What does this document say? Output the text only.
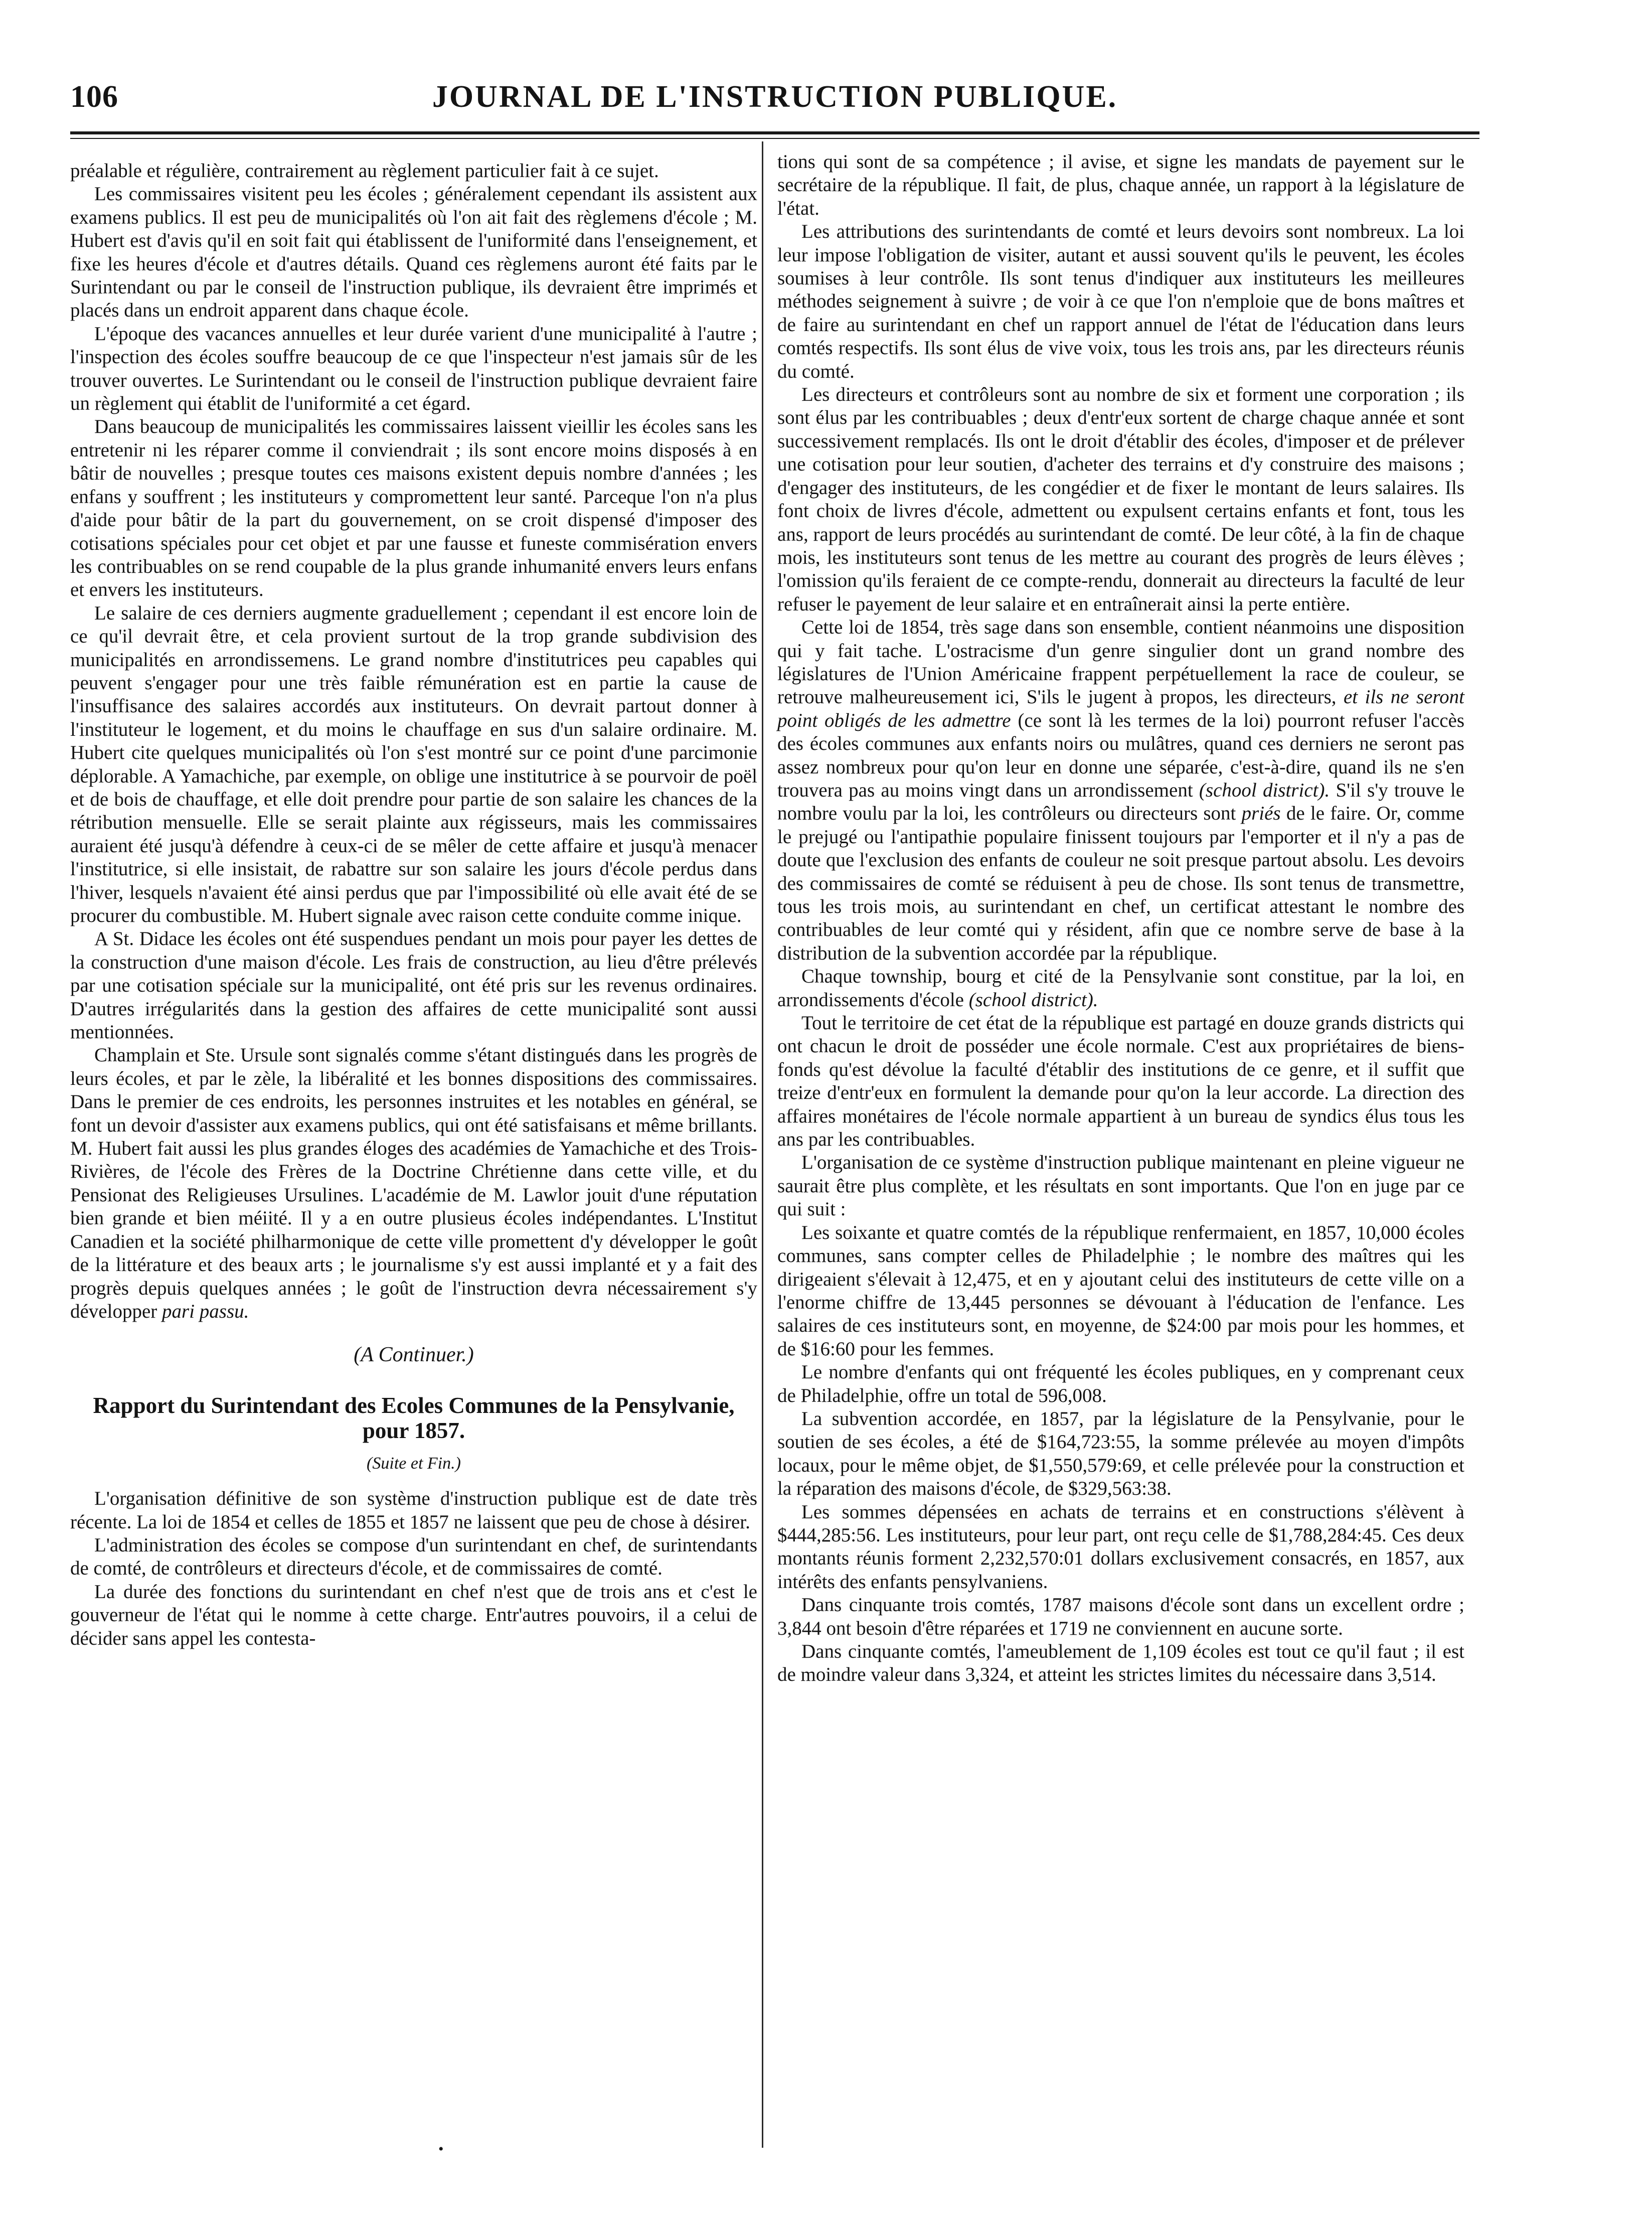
106	JOURNAL DE L'INSTRUCTION PUBLIQUE.

préalable et régulière, contrairement au règlement particulier fait à ce sujet.

Les commissaires visitent peu les écoles ; généralement cependant ils assistent aux examens publics. Il est peu de municipalités où l'on ait fait des règlemens d'école ; M. Hubert est d'avis qu'il en soit fait qui établissent de l'uniformité dans l'enseignement, et fixe les heures d'école et d'autres détails. Quand ces règlemens auront été faits par le Surintendant ou par le conseil de l'instruction publique, ils devraient être imprimés et placés dans un endroit apparent dans chaque école.

L'époque des vacances annuelles et leur durée varient d'une municipalité à l'autre ; l'inspection des écoles souffre beaucoup de ce que l'inspecteur n'est jamais sûr de les trouver ouvertes. Le Surintendant ou le conseil de l'instruction publique devraient faire un règlement qui établit de l'uniformité a cet égard.

Dans beaucoup de municipalités les commissaires laissent vieillir les écoles sans les entretenir ni les réparer comme il conviendrait ; ils sont encore moins disposés à en bâtir de nouvelles ; presque toutes ces maisons existent depuis nombre d'années ; les enfans y souffrent ; les instituteurs y compromettent leur santé. Parceque l'on n'a plus d'aide pour bâtir de la part du gouvernement, on se croit dispensé d'imposer des cotisations spéciales pour cet objet et par une fausse et funeste commisération envers les contribuables on se rend coupable de la plus grande inhumanité envers leurs enfans et envers les instituteurs.

Le salaire de ces derniers augmente graduellement ; cependant il est encore loin de ce qu'il devrait être, et cela provient surtout de la trop grande subdivision des municipalités en arrondissemens. Le grand nombre d'institutrices peu capables qui peuvent s'engager pour une très faible rémunération est en partie la cause de l'insuffisance des salaires accordés aux instituteurs. On devrait partout donner à l'instituteur le logement, et du moins le chauffage en sus d'un salaire ordinaire. M. Hubert cite quelques municipalités où l'on s'est montré sur ce point d'une parcimonie déplorable. A Yamachiche, par exemple, on oblige une institutrice à se pourvoir de poël et de bois de chauffage, et elle doit prendre pour partie de son salaire les chances de la rétribution mensuelle. Elle se serait plainte aux régisseurs, mais les commissaires auraient été jusqu'à défendre à ceux-ci de se mêler de cette affaire et jusqu'à menacer l'institutrice, si elle insistait, de rabattre sur son salaire les jours d'école perdus dans l'hiver, lesquels n'avaient été ainsi perdus que par l'impossibilité où elle avait été de se procurer du combustible. M. Hubert signale avec raison cette conduite comme inique.

A St. Didace les écoles ont été suspendues pendant un mois pour payer les dettes de la construction d'une maison d'école. Les frais de construction, au lieu d'être prélevés par une cotisation spéciale sur la municipalité, ont été pris sur les revenus ordinaires. D'autres irrégularités dans la gestion des affaires de cette municipalité sont aussi mentionnées.

Champlain et Ste. Ursule sont signalés comme s'étant distingués dans les progrès de leurs écoles, et par le zèle, la libéralité et les bonnes dispositions des commissaires. Dans le premier de ces endroits, les personnes instruites et les notables en général, se font un devoir d'assister aux examens publics, qui ont été satisfaisans et même brillants. M. Hubert fait aussi les plus grandes éloges des académies de Yamachiche et des Trois-Rivières, de l'école des Frères de la Doctrine Chrétienne dans cette ville, et du Pensionat des Religieuses Ursulines. L'académie de M. Lawlor jouit d'une réputation bien grande et bien méiité. Il y a en outre plusieus écoles indépendantes. L'Institut Canadien et la société philharmonique de cette ville promettent d'y développer le goût de la littérature et des beaux arts ; le journalisme s'y est aussi implanté et y a fait des progrès depuis quelques années ; le goût de l'instruction devra nécessairement s'y développer pari passu.

(A Continuer.)
Rapport du Surintendant des Ecoles Communes de la Pensylvanie, pour 1857.
(Suite et Fin.)

L'organisation définitive de son système d'instruction publique est de date très récente. La loi de 1854 et celles de 1855 et 1857 ne laissent que peu de chose à désirer.

L'administration des écoles se compose d'un surintendant en chef, de surintendants de comté, de contrôleurs et directeurs d'école, et de commissaires de comté.

La durée des fonctions du surintendant en chef n'est que de trois ans et c'est le gouverneur de l'état qui le nomme à cette charge. Entr'autres pouvoirs, il a celui de décider sans appel les contesta-

tions qui sont de sa compétence ; il avise, et signe les mandats de payement sur le secrétaire de la république. Il fait, de plus, chaque année, un rapport à la législature de l'état.

Les attributions des surintendants de comté et leurs devoirs sont nombreux. La loi leur impose l'obligation de visiter, autant et aussi souvent qu'ils le peuvent, les écoles soumises à leur contrôle. Ils sont tenus d'indiquer aux instituteurs les meilleures méthodes seignement à suivre ; de voir à ce que l'on n'emploie que de bons maîtres et de faire au surintendant en chef un rapport annuel de l'état de l'éducation dans leurs comtés respectifs. Ils sont élus de vive voix, tous les trois ans, par les directeurs réunis du comté.

Les directeurs et contrôleurs sont au nombre de six et forment une corporation ; ils sont élus par les contribuables ; deux d'entr'eux sortent de charge chaque année et sont successivement remplacés. Ils ont le droit d'établir des écoles, d'imposer et de prélever une cotisation pour leur soutien, d'acheter des terrains et d'y construire des maisons ; d'engager des instituteurs, de les congédier et de fixer le montant de leurs salaires. Ils font choix de livres d'école, admettent ou expulsent certains enfants et font, tous les ans, rapport de leurs procédés au surintendant de comté. De leur côté, à la fin de chaque mois, les instituteurs sont tenus de les mettre au courant des progrès de leurs élèves ; l'omission qu'ils feraient de ce compte-rendu, donnerait au directeurs la faculté de leur refuser le payement de leur salaire et en entraînerait ainsi la perte entière.

Cette loi de 1854, très sage dans son ensemble, contient néanmoins une disposition qui y fait tache. L'ostracisme d'un genre singulier dont un grand nombre des législatures de l'Union Américaine frappent perpétuellement la race de couleur, se retrouve malheureusement ici, S'ils le jugent à propos, les directeurs, et ils ne seront point obligés de les admettre (ce sont là les termes de la loi) pourront refuser l'accès des écoles communes aux enfants noirs ou mulâtres, quand ces derniers ne seront pas assez nombreux pour qu'on leur en donne une séparée, c'est-à-dire, quand ils ne s'en trouvera pas au moins vingt dans un arrondissement (school district). S'il s'y trouve le nombre voulu par la loi, les contrôleurs ou directeurs sont priés de le faire. Or, comme le prejugé ou l'antipathie populaire finissent toujours par l'emporter et il n'y a pas de doute que l'exclusion des enfants de couleur ne soit presque partout absolu. Les devoirs des commissaires de comté se réduisent à peu de chose. Ils sont tenus de transmettre, tous les trois mois, au surintendant en chef, un certificat attestant le nombre des contribuables de leur comté qui y résident, afin que ce nombre serve de base à la distribution de la subvention accordée par la république.

Chaque township, bourg et cité de la Pensylvanie sont constitue, par la loi, en arrondissements d'école (school district).

Tout le territoire de cet état de la république est partagé en douze grands districts qui ont chacun le droit de posséder une école normale. C'est aux propriétaires de biens-fonds qu'est dévolue la faculté d'établir des institutions de ce genre, et il suffit que treize d'entr'eux en formulent la demande pour qu'on la leur accorde. La direction des affaires monétaires de l'école normale appartient à un bureau de syndics élus tous les ans par les contribuables.

L'organisation de ce système d'instruction publique maintenant en pleine vigueur ne saurait être plus complète, et les résultats en sont importants. Que l'on en juge par ce qui suit :

Les soixante et quatre comtés de la république renfermaient, en 1857, 10,000 écoles communes, sans compter celles de Philadelphie ; le nombre des maîtres qui les dirigeaient s'élevait à 12,475, et en y ajoutant celui des instituteurs de cette ville on a l'enorme chiffre de 13,445 personnes se dévouant à l'éducation de l'enfance. Les salaires de ces instituteurs sont, en moyenne, de $24:00 par mois pour les hommes, et de $16:60 pour les femmes.

Le nombre d'enfants qui ont fréquenté les écoles publiques, en y comprenant ceux de Philadelphie, offre un total de 596,008.

La subvention accordée, en 1857, par la législature de la Pensylvanie, pour le soutien de ses écoles, a été de $164,723:55, la somme prélevée au moyen d'impôts locaux, pour le même objet, de $1,550,579:69, et celle prélevée pour la construction et la réparation des maisons d'école, de $329,563:38.

Les sommes dépensées en achats de terrains et en constructions s'élèvent à $444,285:56. Les instituteurs, pour leur part, ont reçu celle de $1,788,284:45. Ces deux montants réunis forment 2,232,570:01 dollars exclusivement consacrés, en 1857, aux intérêts des enfants pensylvaniens.

Dans cinquante trois comtés, 1787 maisons d'école sont dans un excellent ordre ; 3,844 ont besoin d'être réparées et 1719 ne conviennent en aucune sorte.

Dans cinquante comtés, l'ameublement de 1,109 écoles est tout ce qu'il faut ; il est de moindre valeur dans 3,324, et atteint les strictes limites du nécessaire dans 3,514.

•
